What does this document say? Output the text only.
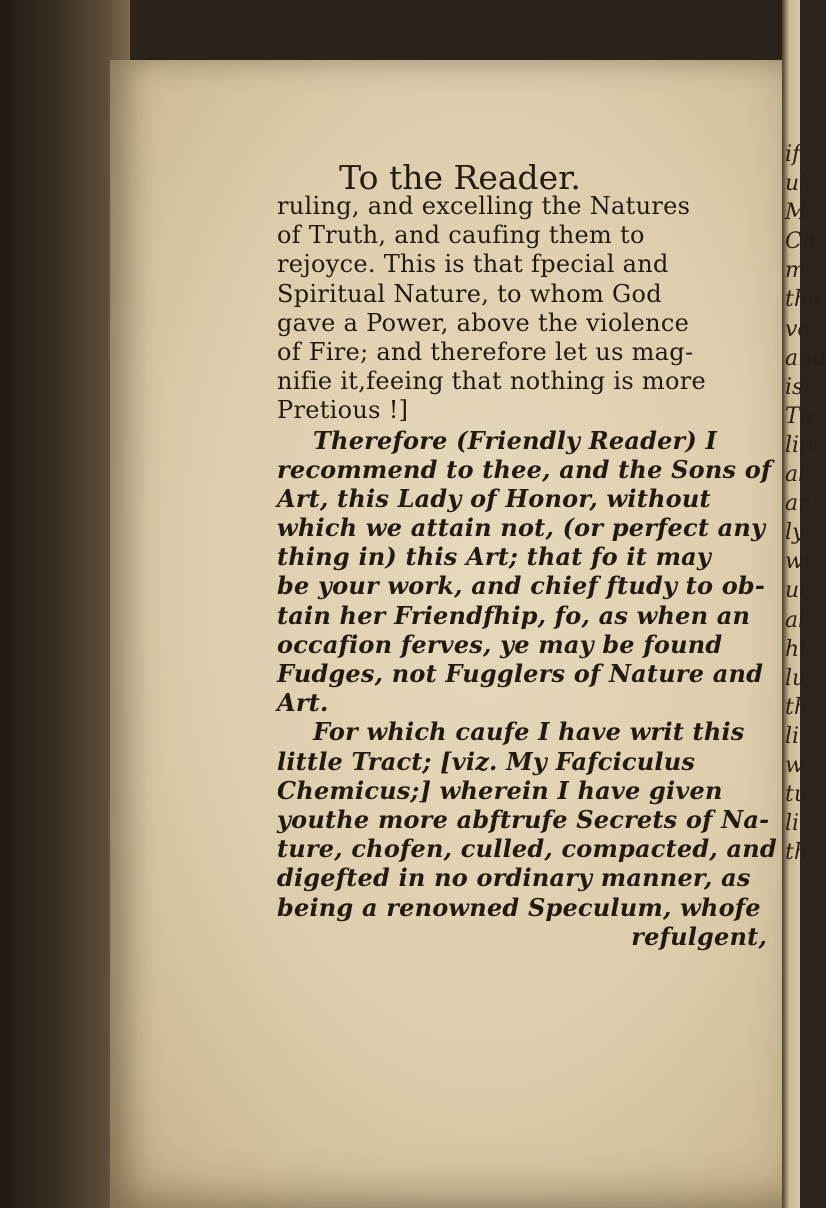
if
uk
M
Ch
m
the
ve
and
ist
Th
lip
al
an
ly
wi
ul
al
hi
lu
th
li
w
tu
li
th
To the Reader.
ruling, and excelling the Natures
of Truth, and caufing them to
rejoyce. This is that fpecial and
Spiritual Nature, to whom God
gave a Power, above the violence
of Fire; and therefore let us mag-
nifie it,feeing that nothing is more
Pretious !]
Therefore (Friendly Reader) I
recommend to thee, and the Sons of
Art, this Lady of Honor, without
which we attain not, (or perfect any
thing in) this Art; that fo it may
be your work, and chief ftudy to ob-
tain her Friendfhip, fo, as when an
occafion ferves, ye may be found
Fudges, not Fugglers of Nature and
Art.
For which caufe I have writ this
little Tract; [viz. My Fafciculus
Chemicus;] wherein I have given
youthe more abftrufe Secrets of Na-
ture, chofen, culled, compacted, and
digefted in no ordinary manner, as
being a renowned Speculum, whofe
refulgent,
